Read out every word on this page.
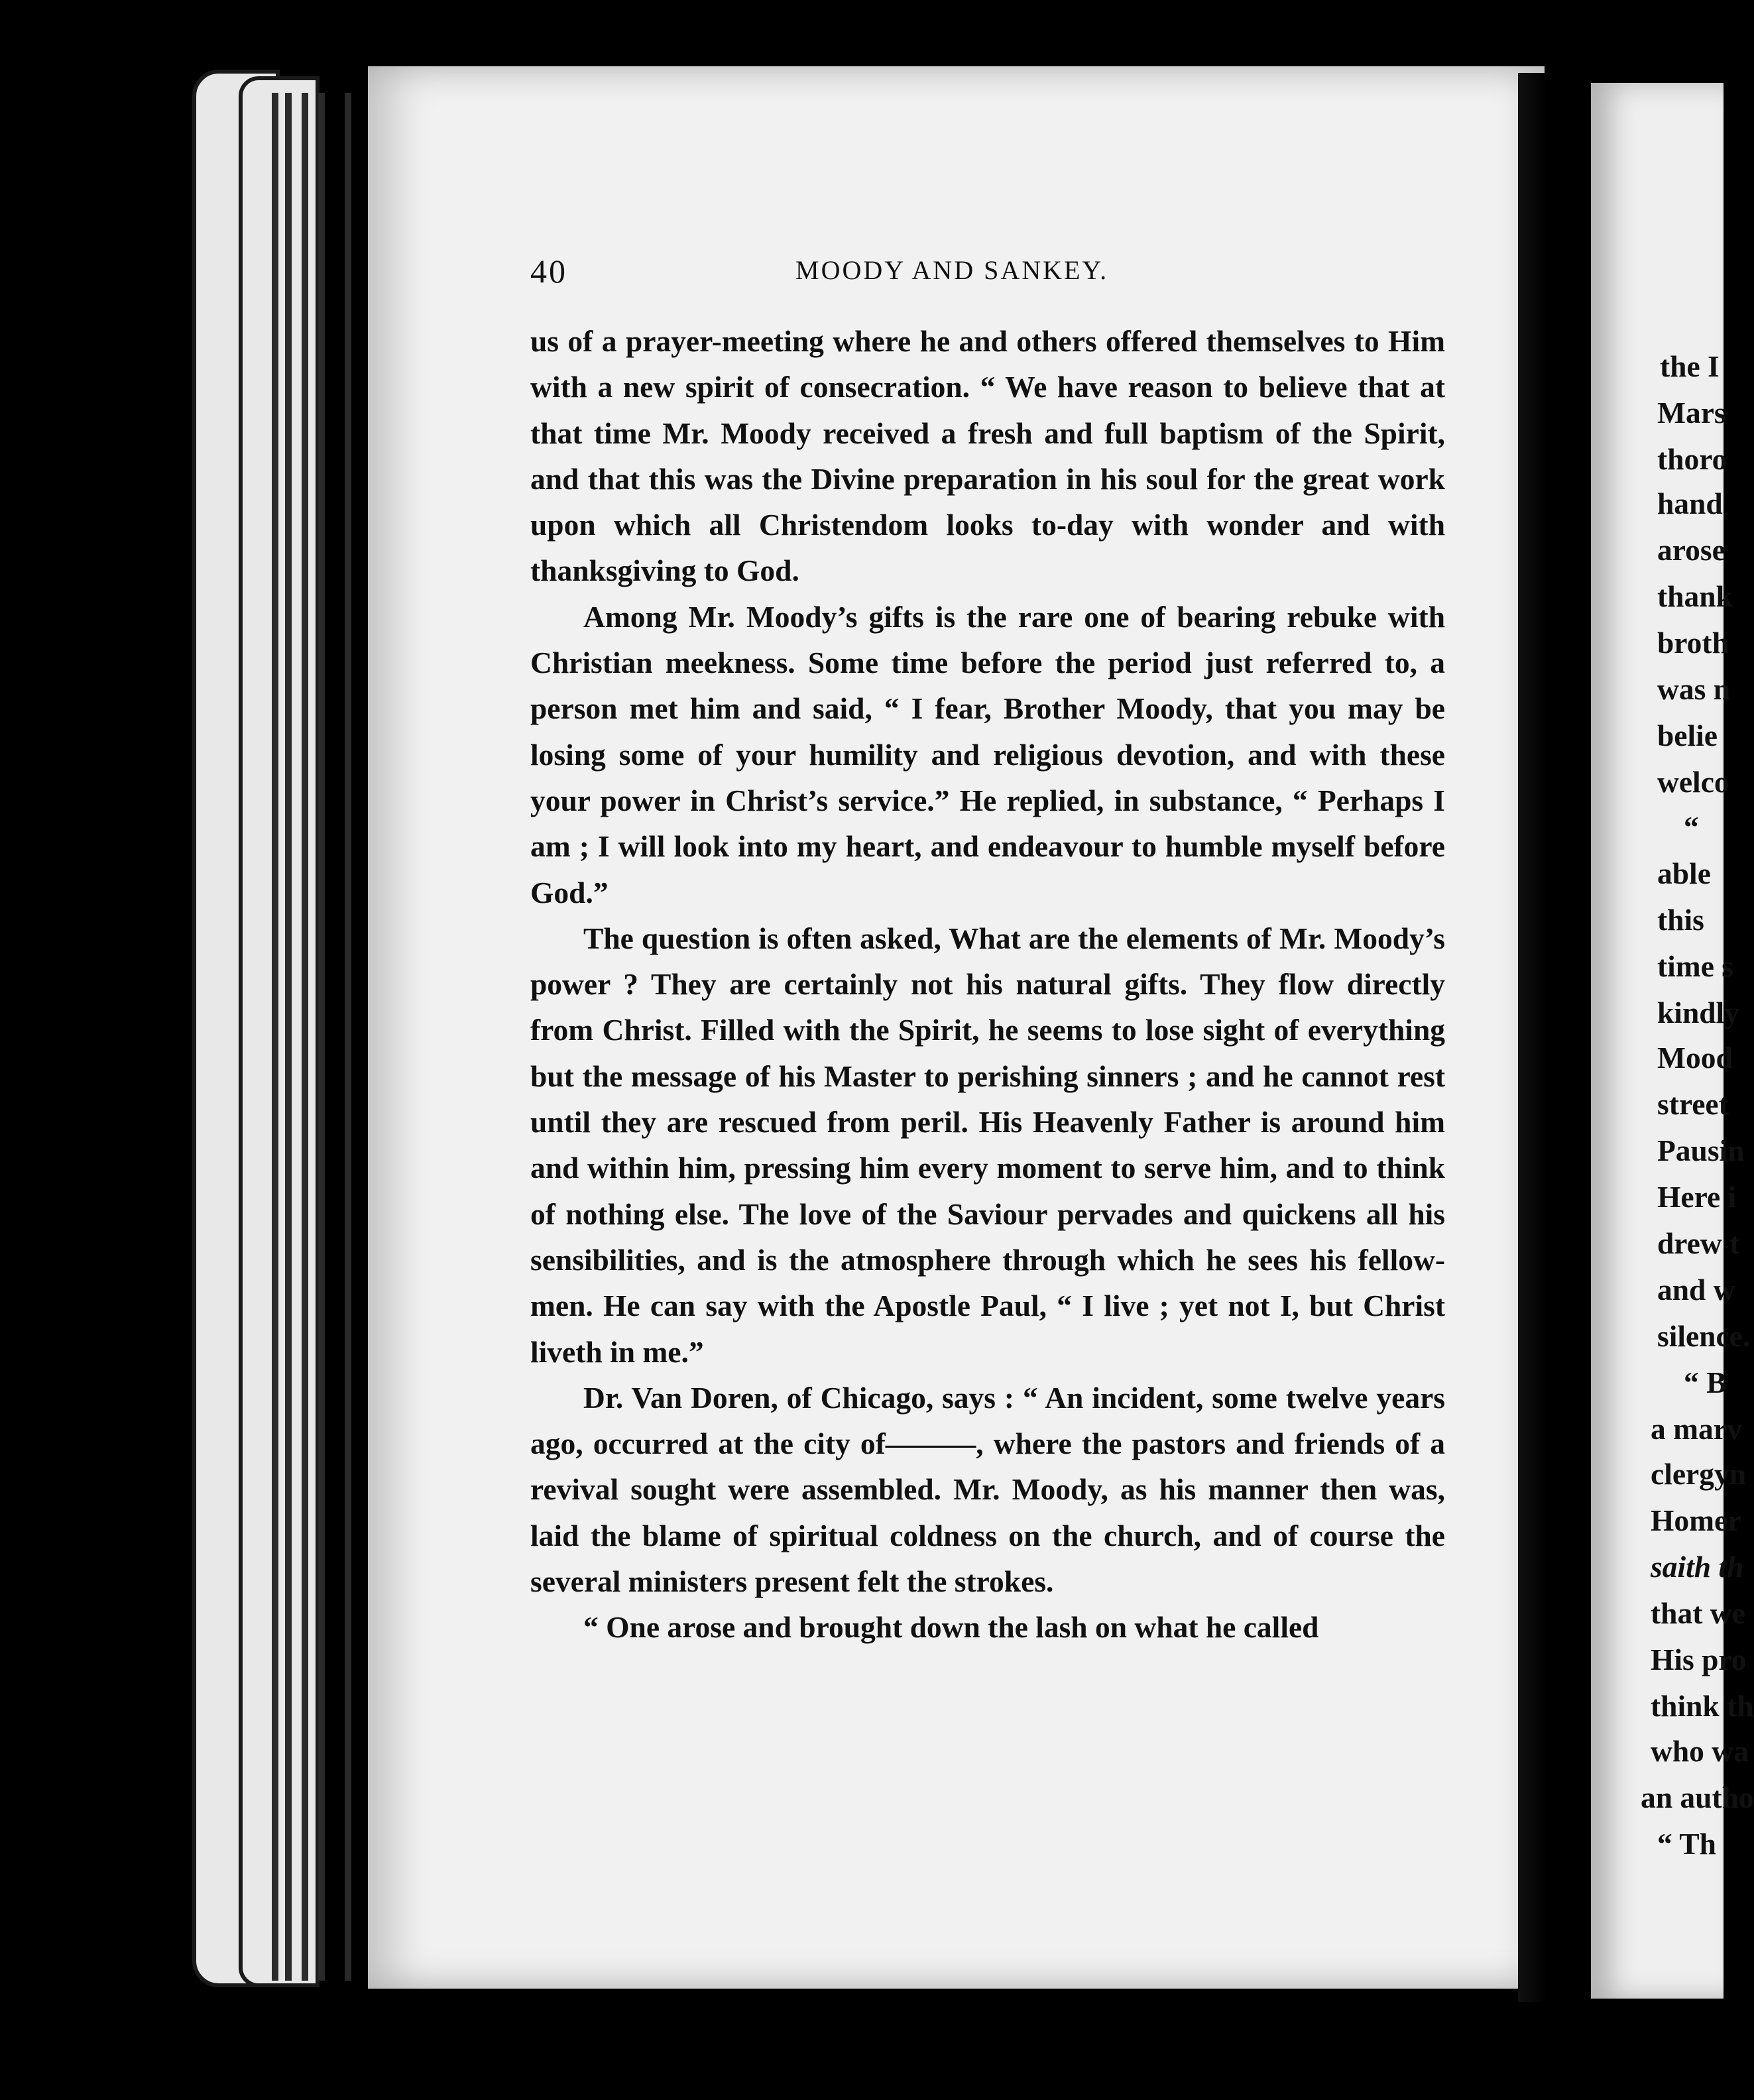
40	MOODY AND SANKEY.

us of a prayer-meeting where he and others offered themselves to Him with a new spirit of consecration. “ We have reason to believe that at that time Mr. Moody received a fresh and full baptism of the Spirit, and that this was the Divine preparation in his soul for the great work upon which all Christendom looks to-day with wonder and with thanksgiving to God.

Among Mr. Moody’s gifts is the rare one of bearing rebuke with Christian meekness. Some time before the period just referred to, a person met him and said, “ I fear, Brother Moody, that you may be losing some of your humility and religious devotion, and with these your power in Christ’s service.” He replied, in substance, “ Perhaps I am ; I will look into my heart, and endeavour to humble myself before God.”

The question is often asked, What are the elements of Mr. Moody’s power ? They are certainly not his natural gifts. They flow directly from Christ. Filled with the Spirit, he seems to lose sight of everything but the message of his Master to perishing sinners ; and he cannot rest until they are rescued from peril. His Heavenly Father is around him and within him, pressing him every moment to serve him, and to think of nothing else. The love of the Saviour pervades and quickens all his sensibilities, and is the atmosphere through which he sees his fellow-men. He can say with the Apostle Paul, “ I live ; yet not I, but Christ liveth in me.”

Dr. Van Doren, of Chicago, says : “ An incident, some twelve years ago, occurred at the city of———, where the pastors and friends of a revival sought were assembled. Mr. Moody, as his manner then was, laid the blame of spiritual coldness on the church, and of course the several ministers present felt the strokes.

“ One arose and brought down the lash on what he called

the I
Mars
thoro
hand
arose
thank
broth
was n
belie
welco
“
able
this
time s
kindly
Mood
street
Pausin
Here i
drew t
and w
silence.
“ B
a marv
clergyn
Homer
saith th
that we
His pro
think th
who wa
an autho
“ Th
